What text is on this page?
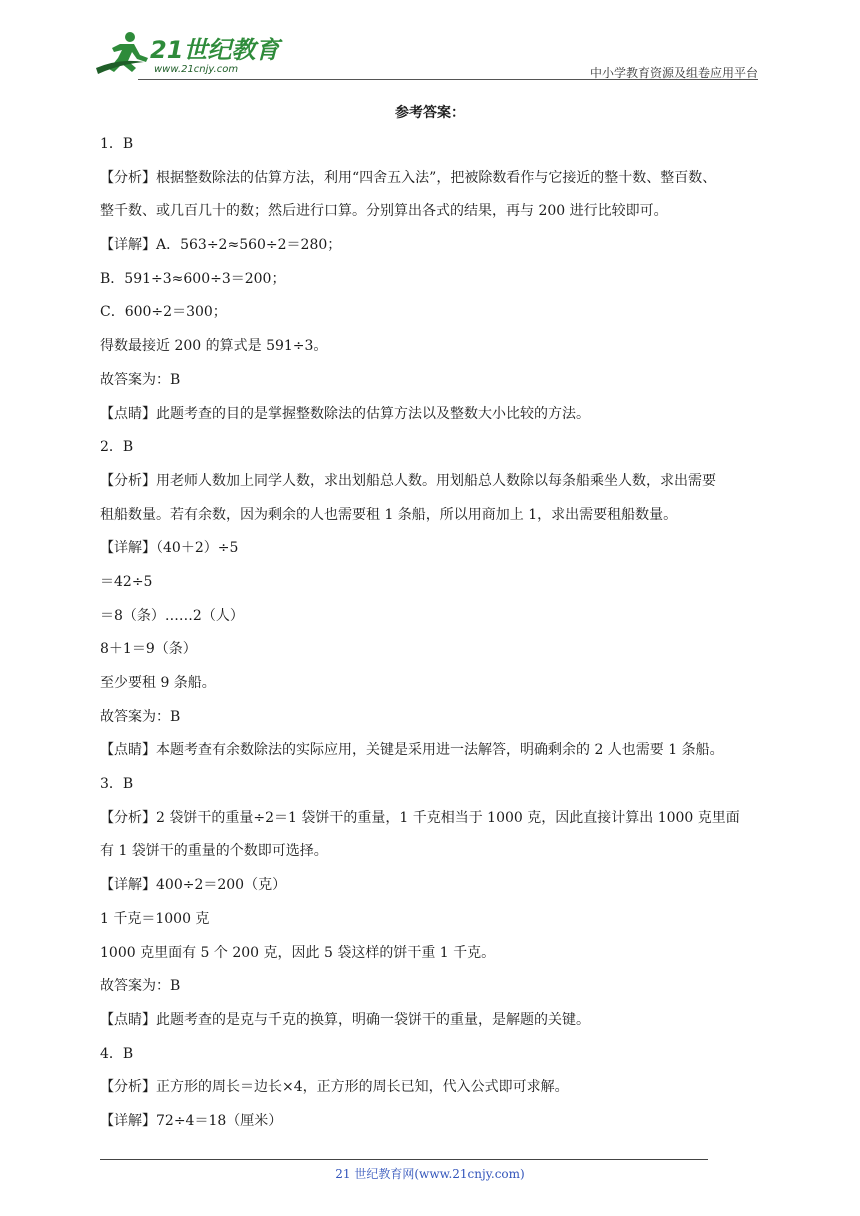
21世纪教育
www.21cnjy.com	中小学教育资源及组卷应用平台
参考答案：
1．B
【分析】根据整数除法的估算方法，利用“四舍五入法”，把被除数看作与它接近的整十数、整百数、
整千数、或几百几十的数；然后进行口算。分别算出各式的结果，再与 200 进行比较即可。
【详解】A．563÷2≈560÷2＝280；
B．591÷3≈600÷3＝200；
C．600÷2＝300；
得数最接近 200 的算式是 591÷3。
故答案为：B
【点睛】此题考查的目的是掌握整数除法的估算方法以及整数大小比较的方法。
2．B
【分析】用老师人数加上同学人数，求出划船总人数。用划船总人数除以每条船乘坐人数，求出需要
租船数量。若有余数，因为剩余的人也需要租 1 条船，所以用商加上 1，求出需要租船数量。
【详解】（40＋2）÷5
＝42÷5
＝8（条）……2（人）
8＋1＝9（条）
至少要租 9 条船。
故答案为：B
【点睛】本题考查有余数除法的实际应用，关键是采用进一法解答，明确剩余的 2 人也需要 1 条船。
3．B
【分析】2 袋饼干的重量÷2＝1 袋饼干的重量，1 千克相当于 1000 克，因此直接计算出 1000 克里面
有 1 袋饼干的重量的个数即可选择。
【详解】400÷2＝200（克）
1 千克＝1000 克
1000 克里面有 5 个 200 克，因此 5 袋这样的饼干重 1 千克。
故答案为：B
【点睛】此题考查的是克与千克的换算，明确一袋饼干的重量，是解题的关键。
4．B
【分析】正方形的周长＝边长×4，正方形的周长已知，代入公式即可求解。
【详解】72÷4＝18（厘米）
21 世纪教育网(www.21cnjy.com)
